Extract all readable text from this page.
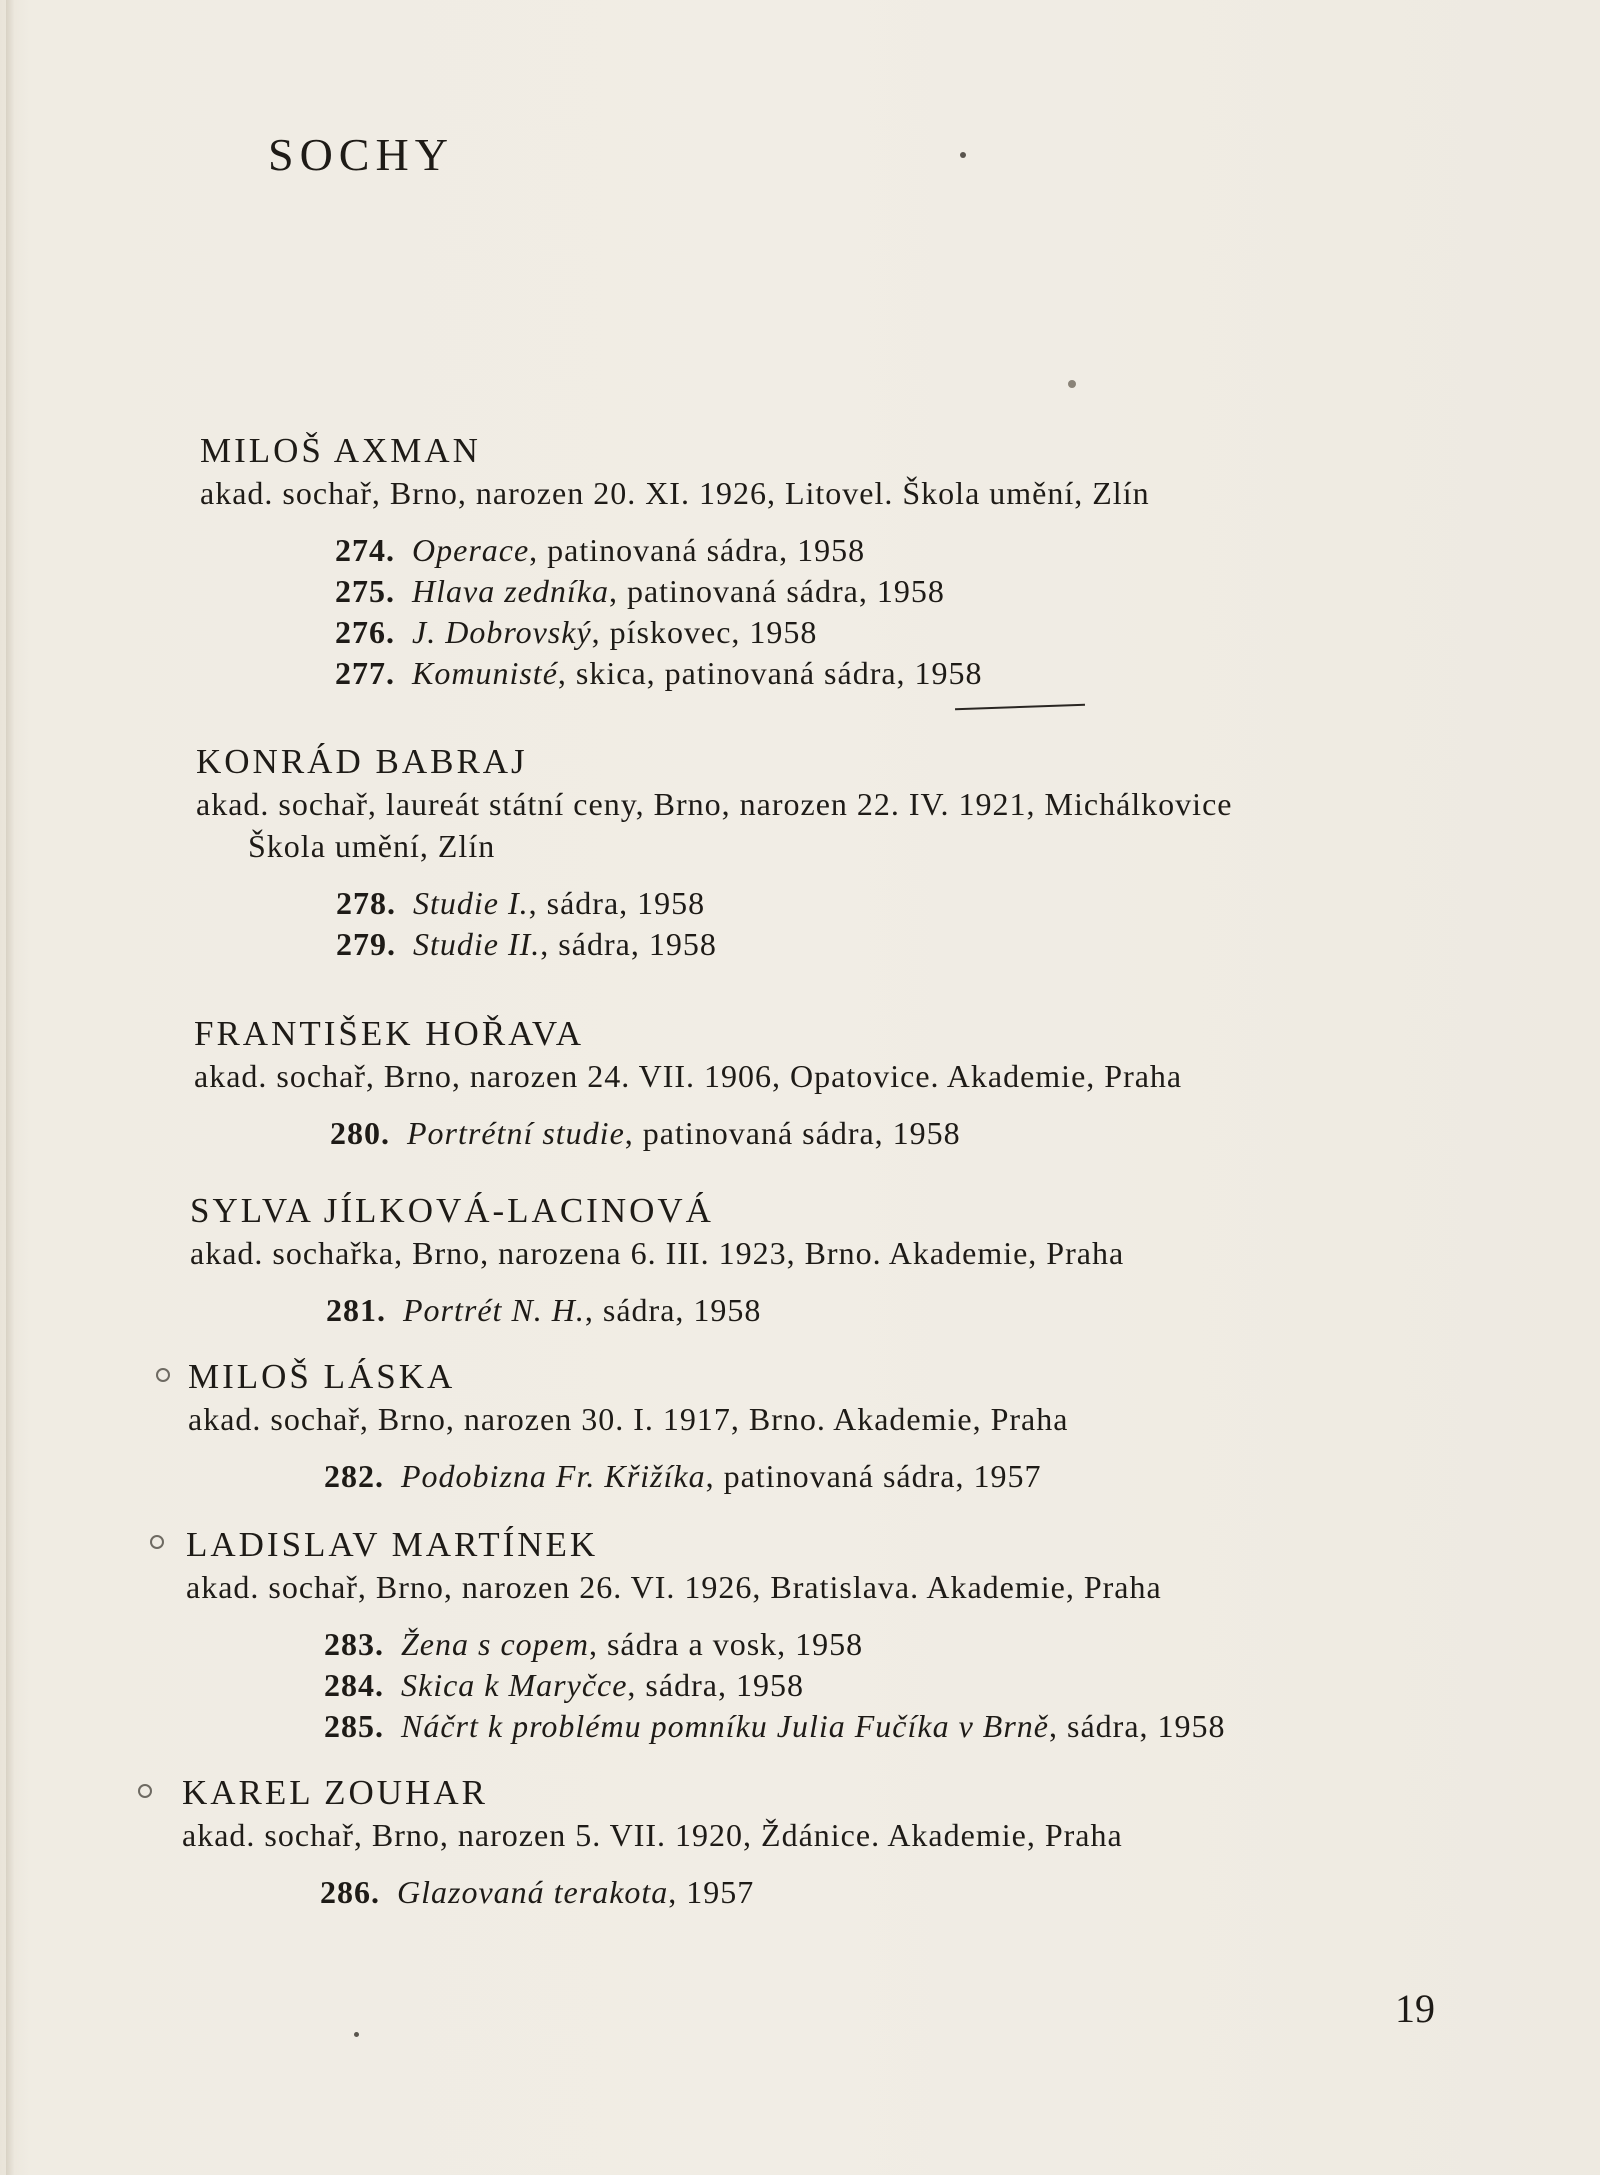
SOCHY
MILOŠ AXMAN
akad. sochař, Brno, narozen 20. XI. 1926, Litovel. Škola umění, Zlín
274. Operace, patinovaná sádra, 1958
275. Hlava zedníka, patinovaná sádra, 1958
276. J. Dobrovský, pískovec, 1958
277. Komunisté, skica, patinovaná sádra, 1958
KONRÁD BABRAJ
akad. sochař, laureát státní ceny, Brno, narozen 22. IV. 1921, Michálkovice
Škola umění, Zlín
278. Studie I., sádra, 1958
279. Studie II., sádra, 1958
FRANTIŠEK HOŘAVA
akad. sochař, Brno, narozen 24. VII. 1906, Opatovice. Akademie, Praha
280. Portrétní studie, patinovaná sádra, 1958
SYLVA JÍLKOVÁ-LACINOVÁ
akad. sochařka, Brno, narozena 6. III. 1923, Brno. Akademie, Praha
281. Portrét N. H., sádra, 1958
MILOŠ LÁSKA
akad. sochař, Brno, narozen 30. I. 1917, Brno. Akademie, Praha
282. Podobizna Fr. Křižíka, patinovaná sádra, 1957
LADISLAV MARTÍNEK
akad. sochař, Brno, narozen 26. VI. 1926, Bratislava. Akademie, Praha
283. Žena s copem, sádra a vosk, 1958
284. Skica k Maryčce, sádra, 1958
285. Náčrt k problému pomníku Julia Fučíka v Brně, sádra, 1958
KAREL ZOUHAR
akad. sochař, Brno, narozen 5. VII. 1920, Ždánice. Akademie, Praha
286. Glazovaná terakota, 1957
19
